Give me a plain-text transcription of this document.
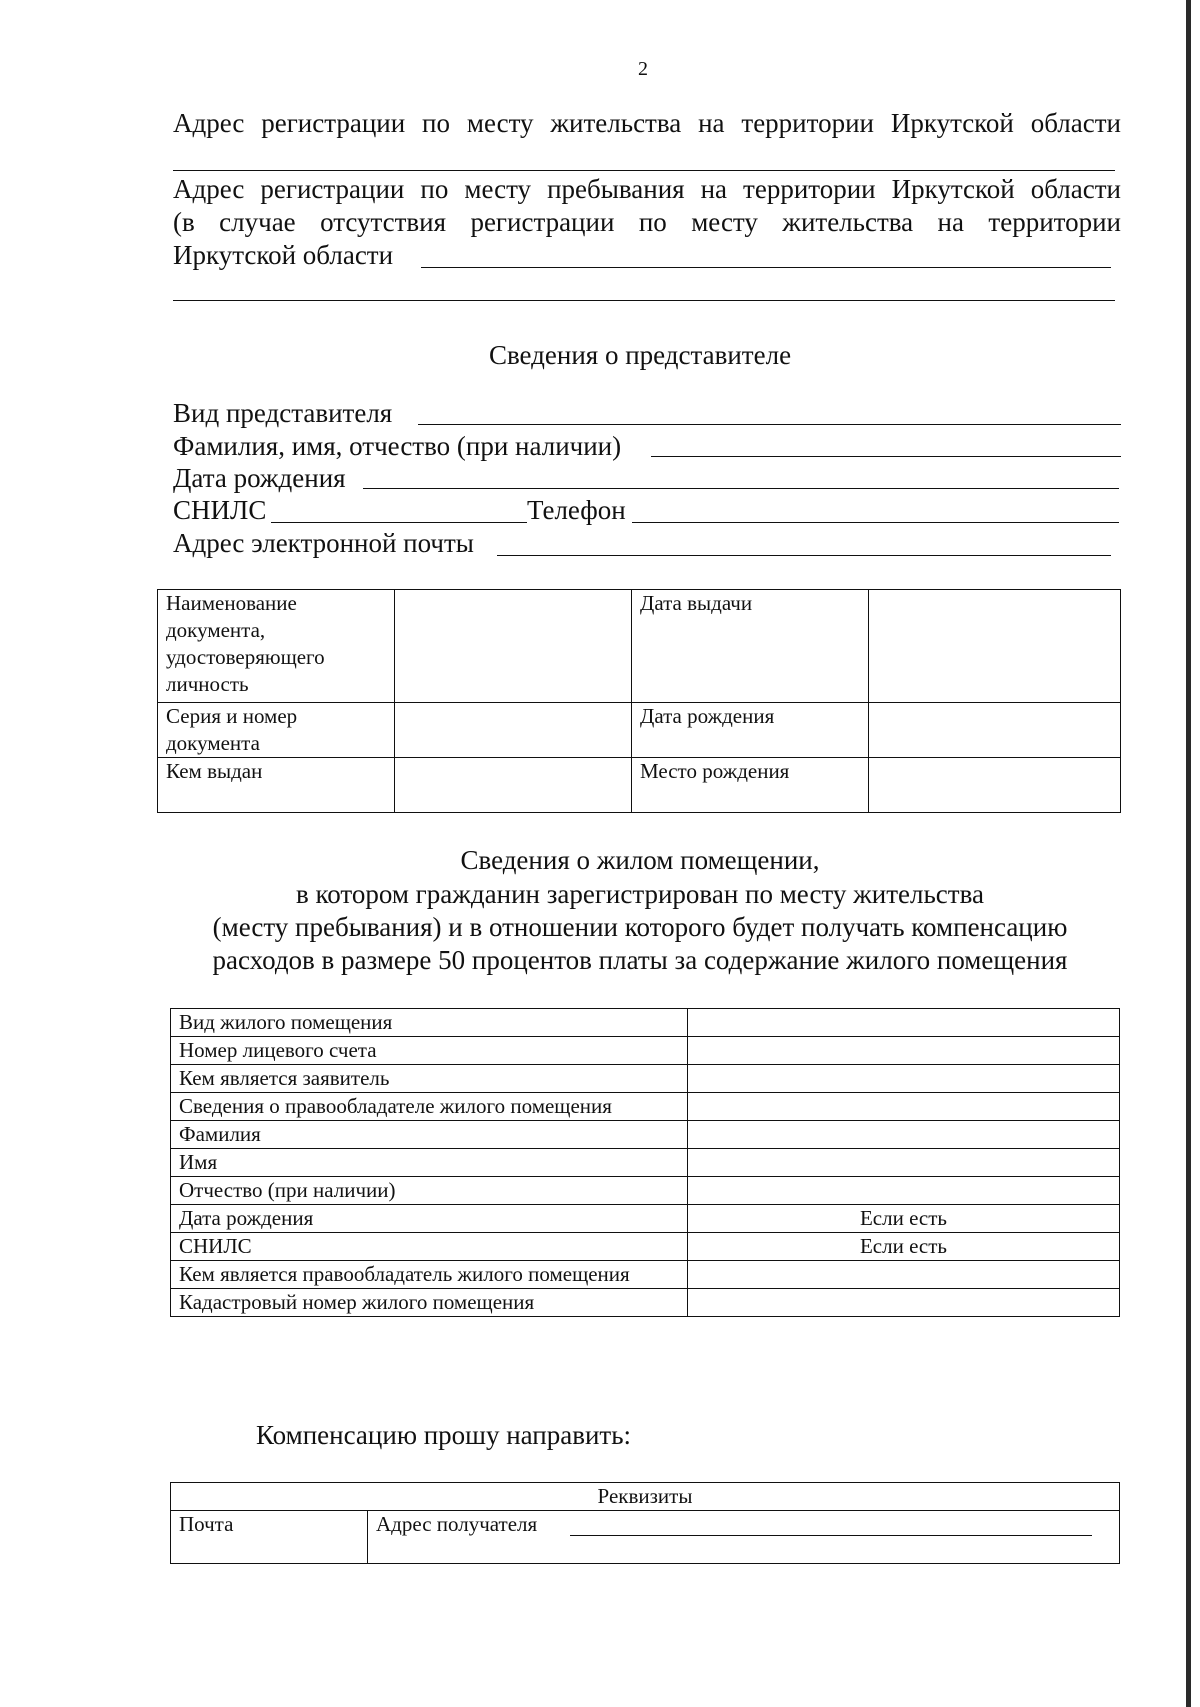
2
Адрес регистрации по месту жительства на территории Иркутской области
Адрес регистрации по месту пребывания на территории Иркутской области
(в случае отсутствия регистрации по месту жительства на территории
Иркутской области
Сведения о представителе
Вид представителя
Фамилия, имя, отчество (при наличии)
Дата рождения
СНИЛС	Телефон
Адрес электронной почты
Наименование документа, удостоверяющего личность		Дата выдачи	
Серия и номер документа		Дата рождения	
Кем выдан		Место рождения	
Сведения о жилом помещении,
в котором гражданин зарегистрирован по месту жительства
(месту пребывания) и в отношении которого будет получать компенсацию
расходов в размере 50 процентов платы за содержание жилого помещения
Вид жилого помещения	
Номер лицевого счета	
Кем является заявитель	
Сведения о правообладателе жилого помещения	
Фамилия	
Имя	
Отчество (при наличии)	
Дата рождения	Если есть
СНИЛС	Если есть
Кем является правообладатель жилого помещения	
Кадастровый номер жилого помещения	
Компенсацию прошу направить:
Реквизиты
Почта	Адрес получателя
